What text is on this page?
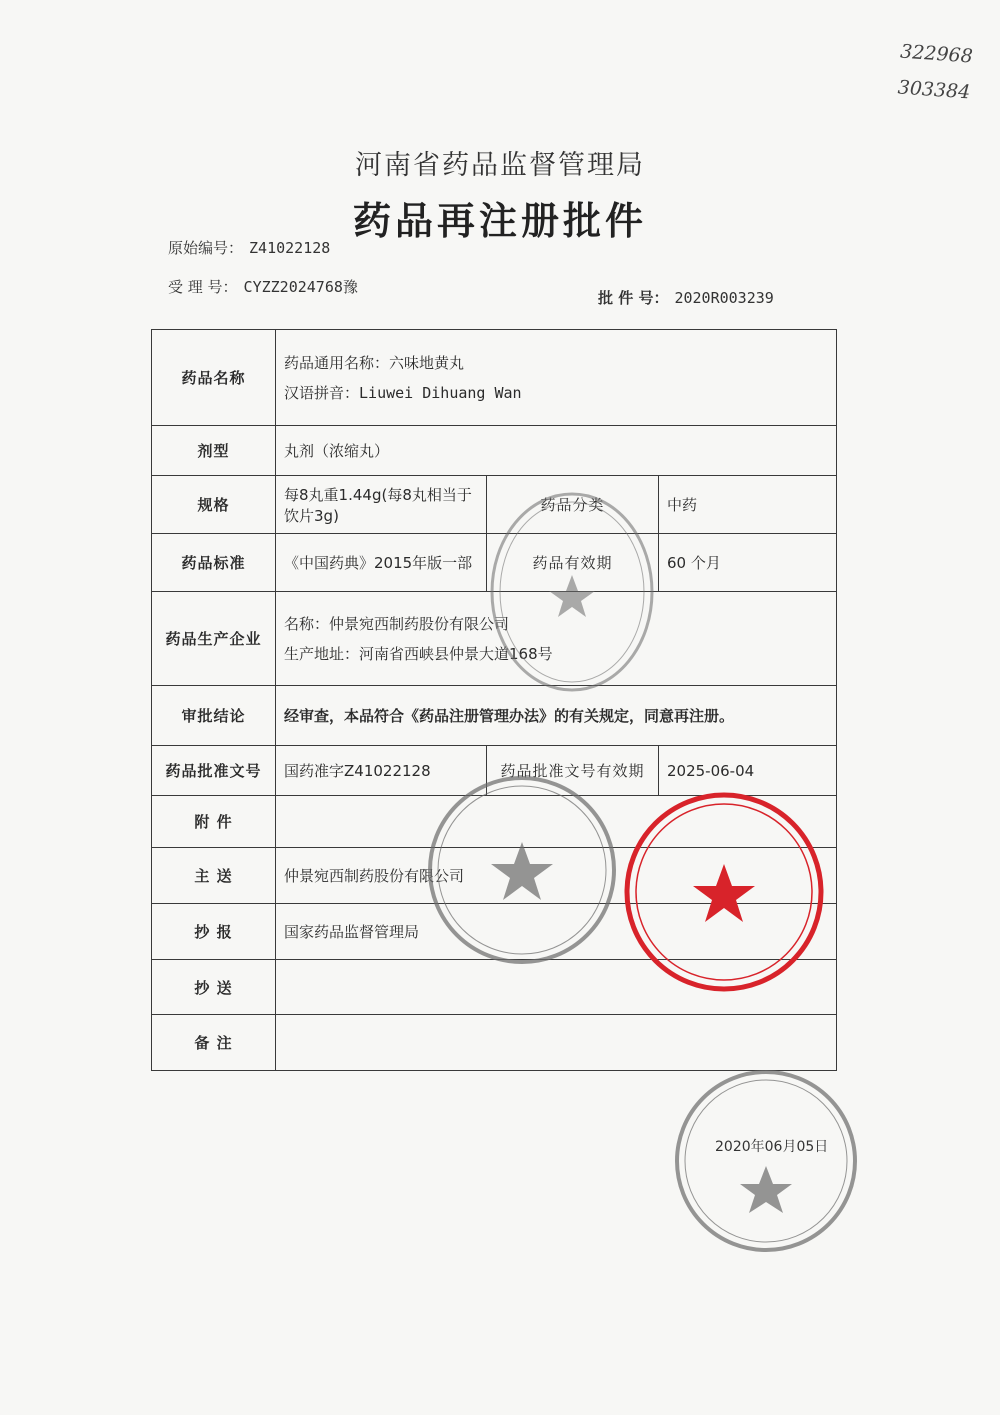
322968
303384
河南省药品监督管理局
药品再注册批件
原始编号： Z41022128
受 理 号： CYZZ2024768豫
批 件 号： 2020R003239
药品名称	药品通用名称：六味地黄丸
汉语拼音：Liuwei Dihuang Wan		

剂型	丸剂（浓缩丸）		
规格	每8丸重1.44g(每8丸相当于饮片3g)	药品分类	中药
药品标准	《中国药典》2015年版一部	药品有效期	60 个月
药品生产企业	名称：仲景宛西制药股份有限公司
生产地址：河南省西峡县仲景大道168号		

审批结论	经审查，本品符合《药品注册管理办法》的有关规定，同意再注册。		
药品批准文号	国药准字Z41022128	药品批准文号有效期	2025-06-04
附 件			
主 送	仲景宛西制药股份有限公司		
抄 报	国家药品监督管理局		
抄 送			
备 注			
2020年06月05日
